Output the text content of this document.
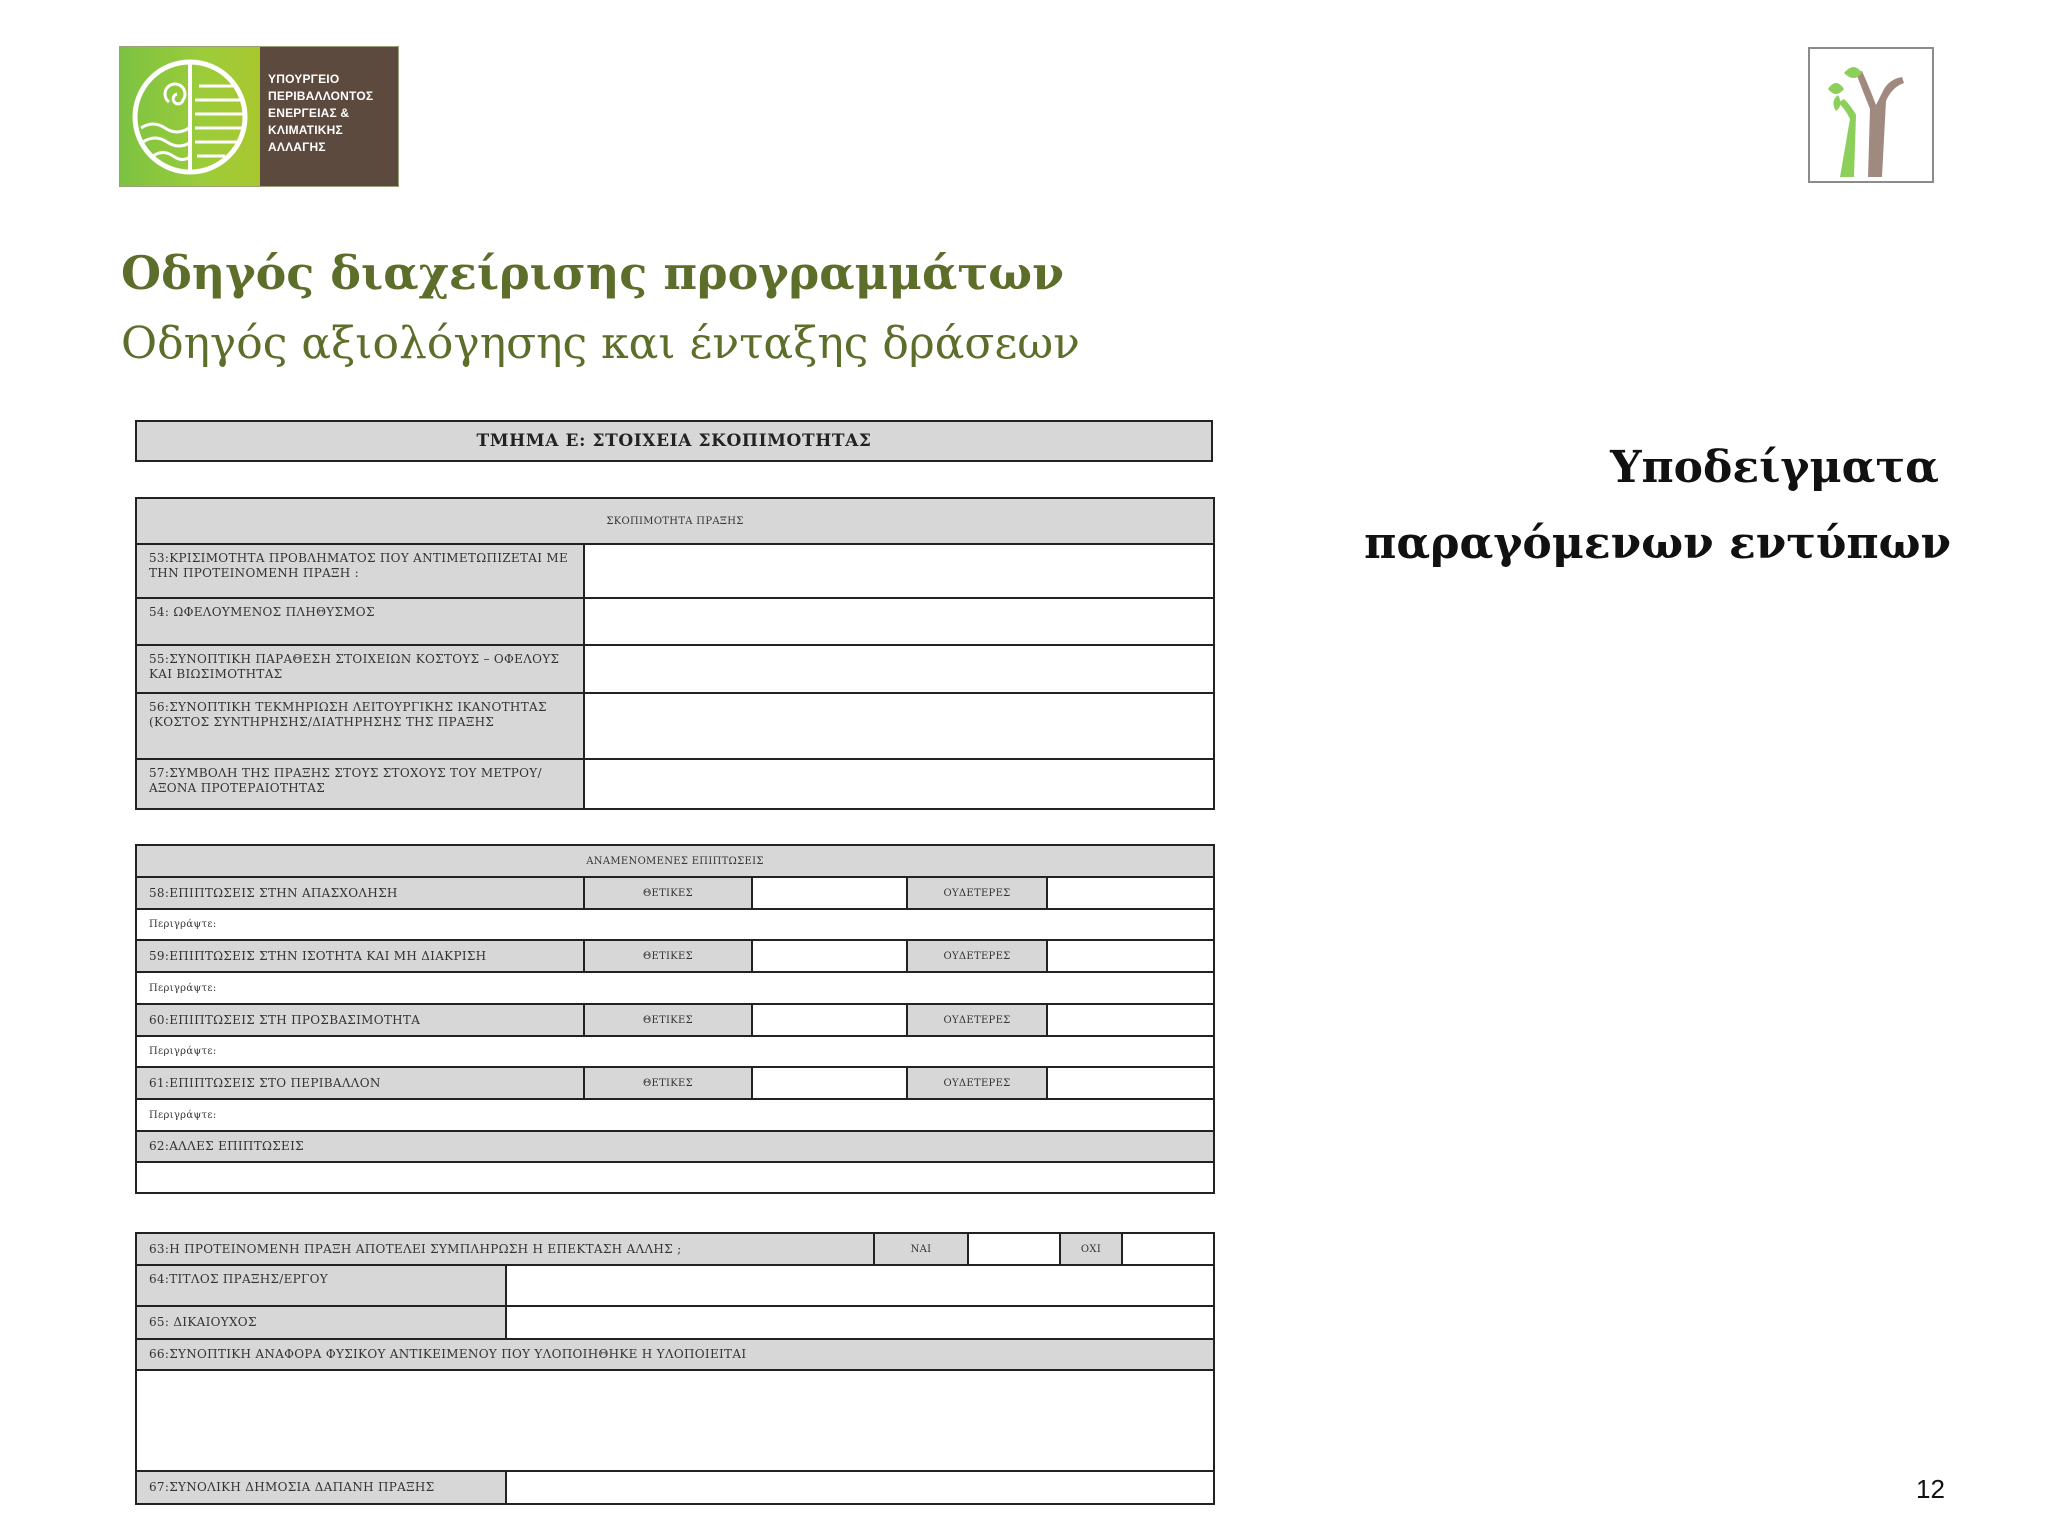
ΥΠΟΥΡΓΕΙΟ
ΠΕΡΙΒΑΛΛΟΝΤΟΣ
ΕΝΕΡΓΕΙΑΣ &
ΚΛΙΜΑΤΙΚΗΣ
ΑΛΛΑΓΗΣ
Οδηγός διαχείρισης προγραμμάτων
Οδηγός αξιολόγησης και ένταξης δράσεων
Υποδείγματα
παραγόμενων εντύπων
ΤΜΗΜΑ Ε: ΣΤΟΙΧΕΙΑ ΣΚΟΠΙΜΟΤΗΤΑΣ
ΣΚΟΠΙΜΟΤΗΤΑ ΠΡΑΞΗΣ	
53:ΚΡΙΣΙΜΟΤΗΤΑ ΠΡΟΒΛΗΜΑΤΟΣ ΠΟΥ ΑΝΤΙΜΕΤΩΠΙΖΕΤΑΙ ΜΕ ΤΗΝ ΠΡΟΤΕΙΝΟΜΕΝΗ ΠΡΑΞΗ :	
54: ΩΦΕΛΟΥΜΕΝΟΣ ΠΛΗΘΥΣΜΟΣ	
55:ΣΥΝΟΠΤΙΚΗ ΠΑΡΑΘΕΣΗ ΣΤΟΙΧΕΙΩΝ ΚΟΣΤΟΥΣ – ΟΦΕΛΟΥΣ ΚΑΙ ΒΙΩΣΙΜΟΤΗΤΑΣ	
56:ΣΥΝΟΠΤΙΚΗ ΤΕΚΜΗΡΙΩΣΗ ΛΕΙΤΟΥΡΓΙΚΗΣ ΙΚΑΝΟΤΗΤΑΣ (ΚΟΣΤΟΣ ΣΥΝΤΗΡΗΣΗΣ/ΔΙΑΤΗΡΗΣΗΣ ΤΗΣ ΠΡΑΞΗΣ	
57:ΣΥΜΒΟΛΗ ΤΗΣ ΠΡΑΞΗΣ ΣΤΟΥΣ ΣΤΟΧΟΥΣ ΤΟΥ ΜΕΤΡΟΥ/ΑΞΟΝΑ ΠΡΟΤΕΡΑΙΟΤΗΤΑΣ	
ΑΝΑΜΕΝΟΜΕΝΕΣ ΕΠΙΠΤΩΣΕΙΣ				
58:ΕΠΙΠΤΩΣΕΙΣ ΣΤΗΝ ΑΠΑΣΧΟΛΗΣΗ	ΘΕΤΙΚΕΣ		ΟΥΔΕΤΕΡΕΣ	
Περιγράψτε:				
59:ΕΠΙΠΤΩΣΕΙΣ ΣΤΗΝ ΙΣΟΤΗΤΑ ΚΑΙ ΜΗ ΔΙΑΚΡΙΣΗ	ΘΕΤΙΚΕΣ		ΟΥΔΕΤΕΡΕΣ	
Περιγράψτε:				
60:ΕΠΙΠΤΩΣΕΙΣ ΣΤΗ ΠΡΟΣΒΑΣΙΜΟΤΗΤΑ	ΘΕΤΙΚΕΣ		ΟΥΔΕΤΕΡΕΣ	
Περιγράψτε:				
61:ΕΠΙΠΤΩΣΕΙΣ ΣΤΟ ΠΕΡΙΒΑΛΛΟΝ	ΘΕΤΙΚΕΣ		ΟΥΔΕΤΕΡΕΣ	
Περιγράψτε:				
62:ΑΛΛΕΣ ΕΠΙΠΤΩΣΕΙΣ				

63:Η ΠΡΟΤΕΙΝΟΜΕΝΗ ΠΡΑΞΗ ΑΠΟΤΕΛΕΙ ΣΥΜΠΛΗΡΩΣΗ Η ΕΠΕΚΤΑΣΗ ΑΛΛΗΣ ;		ΝΑΙ		ΟΧΙ	
64:ΤΙΤΛΟΣ ΠΡΑΞΗΣ/ΕΡΓΟΥ					
65: ΔΙΚΑΙΟΥΧΟΣ					
66:ΣΥΝΟΠΤΙΚΗ ΑΝΑΦΟΡΑ ΦΥΣΙΚΟΥ ΑΝΤΙΚΕΙΜΕΝΟΥ ΠΟΥ ΥΛΟΠΟΙΗΘΗΚΕ Η ΥΛΟΠΟΙΕΙΤΑΙ					

67:ΣΥΝΟΛΙΚΗ ΔΗΜΟΣΙΑ ΔΑΠΑΝΗ ΠΡΑΞΗΣ						12
